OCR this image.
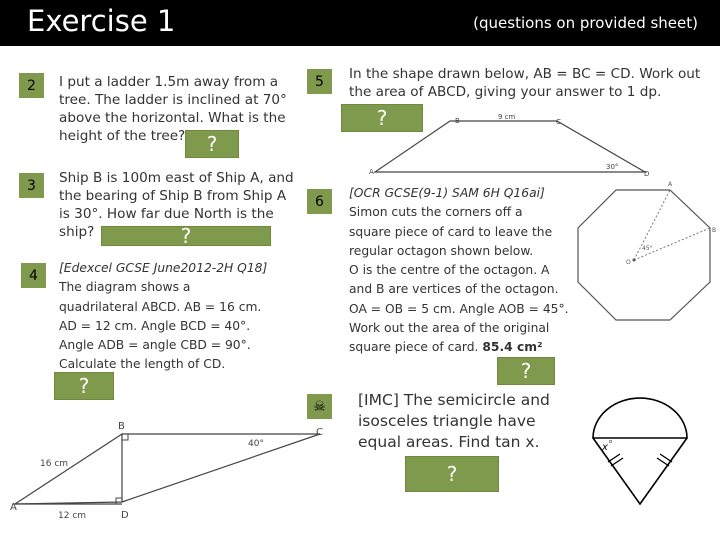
Exercise 1	(questions on provided sheet)
2	I put a ladder 1.5m away from a
tree. The ladder is inclined at 70°
above the horizontal. What is the
height of the tree?	?
3	Ship B is 100m east of Ship A, and
the bearing of Ship B from Ship A
is 30°. How far due North is the
ship?	?
4	[Edexcel GCSE June2012-2H Q18]
The diagram shows a
quadrilateral ABCD. AB = 16 cm.
AD = 12 cm. Angle BCD = 40°.
Angle ADB = angle CBD = 90°.
Calculate the length of CD.
?
B
C
A
D
16 cm
12 cm
40°
5	In the shape drawn below, AB = BC = CD. Work out
the area of ABCD, giving your answer to 1 dp.
?	B	C
9 cm
A	D
30°
6
[OCR GCSE(9-1) SAM 6H Q16ai]
Simon cuts the corners off a
square piece of card to leave the
regular octagon shown below.
O is the centre of the octagon. A
and B are vertices of the octagon.
OA = OB = 5 cm. Angle AOB = 45°.
Work out the area of the original
square piece of card. 85.4 cm²
?
A
B
O
45°
☠ [IMC] The semicircle and
isosceles triangle have
equal areas. Find tan x.
?
x o
